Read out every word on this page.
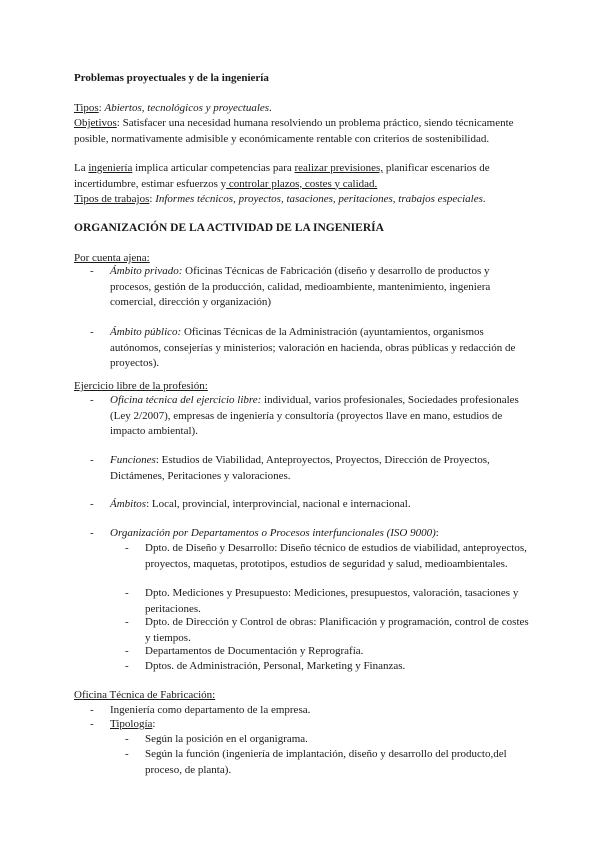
Problemas proyectuales y de la ingeniería
Tipos: Abiertos, tecnológicos y proyectuales.
Objetivos: Satisfacer una necesidad humana resolviendo un problema práctico, siendo técnicamente posible, normativamente admisible y económicamente rentable con criterios de sostenibilidad.
La ingeniería implica articular competencias para realizar previsiones, planificar escenarios de incertidumbre, estimar esfuerzos y controlar plazos, costes y calidad.
Tipos de trabajos: Informes técnicos, proyectos, tasaciones, peritaciones, trabajos especiales.
ORGANIZACIÓN DE LA ACTIVIDAD DE LA INGENIERÍA
Por cuenta ajena:
- Ámbito privado: Oficinas Técnicas de Fabricación (diseño y desarrollo de productos y procesos, gestión de la producción, calidad, medioambiente, mantenimiento, ingeniera comercial, dirección y organización)
- Ámbito público: Oficinas Técnicas de la Administración (ayuntamientos, organismos autónomos, consejerías y ministerios; valoración en hacienda, obras públicas y redacción de proyectos).
Ejercicio libre de la profesión:
- Oficina técnica del ejercicio libre: individual, varios profesionales, Sociedades profesionales (Ley 2/2007), empresas de ingeniería y consultoría (proyectos llave en mano, estudios de impacto ambiental).
- Funciones: Estudios de Viabilidad, Anteproyectos, Proyectos, Dirección de Proyectos, Dictámenes, Peritaciones y valoraciones.
- Ámbitos: Local, provincial, interprovincial, nacional e internacional.
- Organización por Departamentos o Procesos interfuncionales (ISO 9000):
- Dpto. de Diseño y Desarrollo: Diseño técnico de estudios de viabilidad, anteproyectos, proyectos, maquetas, prototipos, estudios de seguridad y salud, medioambientales.
- Dpto. Mediciones y Presupuesto: Mediciones, presupuestos, valoración, tasaciones y peritaciones.
- Dpto. de Dirección y Control de obras: Planificación y programación, control de costes y tiempos.
- Departamentos de Documentación y Reprografía.
- Dptos. de Administración, Personal, Marketing y Finanzas.
Oficina Técnica de Fabricación:
- Ingeniería como departamento de la empresa.
- Tipología:
- Según la posición en el organigrama.
- Según la función (ingeniería de implantación, diseño y desarrollo del producto,del proceso, de planta).
